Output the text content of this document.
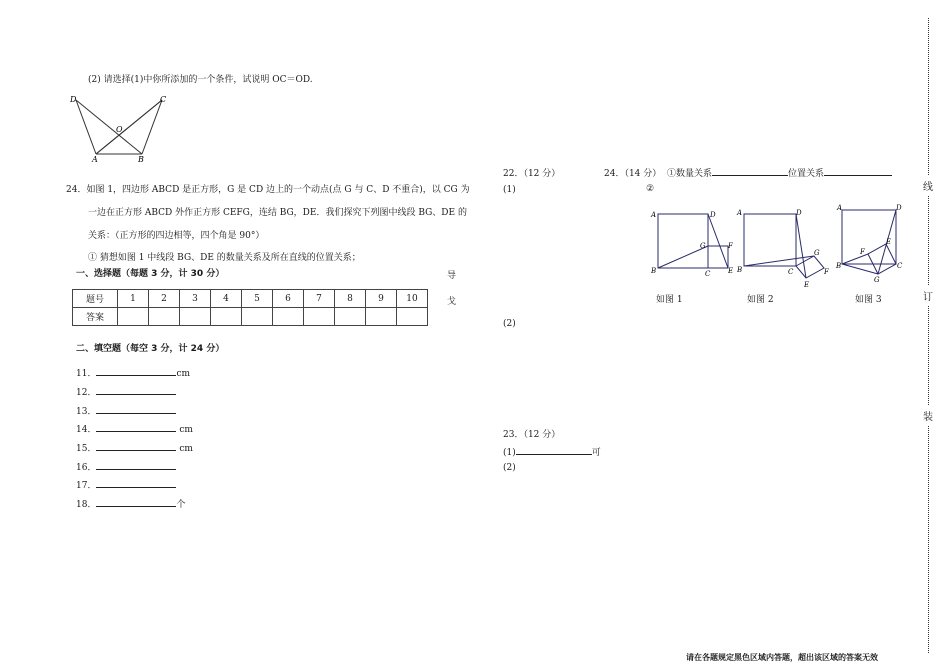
(2) 请选择(1)中你所添加的一个条件，试说明 OC＝OD.
D	C
O
A	B
24．如图 1，四边形 ABCD 是正方形，G 是 CD 边上的一个动点(点 G 与 C、D 不重合)，以 CG 为
一边在正方形 ABCD 外作正方形 CEFG，连结 BG，DE．我们探究下列图中线段 BG、DE 的
关系：（正方形的四边相等，四个角是 90°）
① 猜想如图 1 中线段 BG、DE 的数量关系及所在直线的位置关系；
一、选择题（每题 3 分，计 30 分）	导
戈
题号	1	2	3	4	5	6	7	8	9	10
答案										
二、填空题（每空 3 分，计 24 分）
11．	cm
12．
13．
14．	cm
15．	cm
16．
17．
18．	个
22．（12 分）
(1)
(2)
24．（14 分） ①数量关系	位置关系
②
A	D
G	F
B	C	E
如图 1
A	D
G
B	C	F
E
如图 2
A	D
E
F
B
G
C
如图 3
23．（12 分）
(1)	可
(2)
线
订
装
请在各题规定黑色区域内答题，超出该区域的答案无效
